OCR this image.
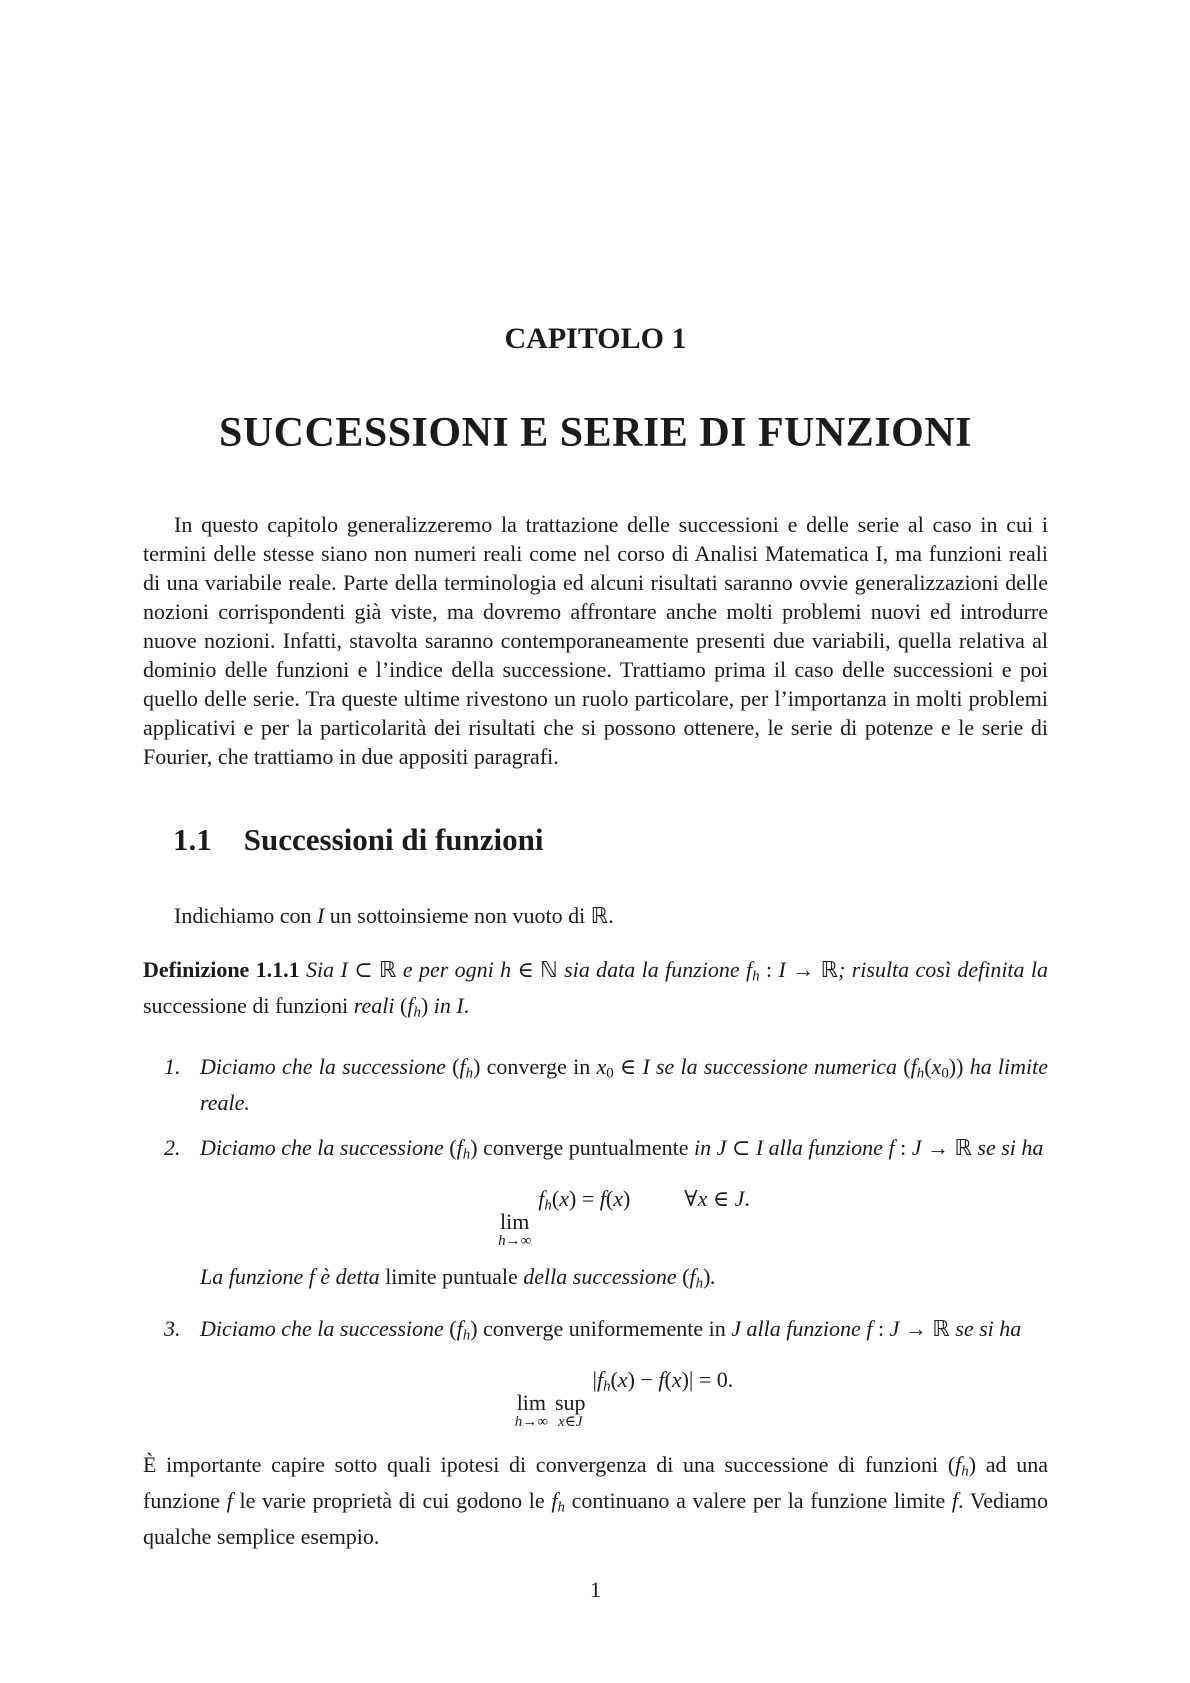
CAPITOLO 1
SUCCESSIONI E SERIE DI FUNZIONI

In questo capitolo generalizzeremo la trattazione delle successioni e delle serie al caso in cui i termini delle stesse siano non numeri reali come nel corso di Analisi Matematica I, ma funzioni reali di una variabile reale. Parte della terminologia ed alcuni risultati saranno ovvie generalizzazioni delle nozioni corrispondenti già viste, ma dovremo affrontare anche molti problemi nuovi ed introdurre nuove nozioni. Infatti, stavolta saranno contemporaneamente presenti due variabili, quella relativa al dominio delle funzioni e l’indice della successione. Trattiamo prima il caso delle successioni e poi quello delle serie. Tra queste ultime rivestono un ruolo particolare, per l’importanza in molti problemi applicativi e per la particolarità dei risultati che si possono ottenere, le serie di potenze e le serie di Fourier, che trattiamo in due appositi paragrafi.

1.1 Successioni di funzioni

Indichiamo con I un sottoinsieme non vuoto di ℝ.

Definizione 1.1.1 Sia I ⊂ ℝ e per ogni h ∈ ℕ sia data la funzione fh : I → ℝ; risulta così definita la successione di funzioni reali (fh) in I.

1. Diciamo che la successione (fh) converge in x0 ∈ I se la successione numerica (fh(x0)) ha limite reale.
2. Diciamo che la successione (fh) converge puntualmente in J ⊂ I alla funzione f : J → ℝ se si ha
lim
h→∞
fh(x) = f(x) ∀x ∈ J.
La funzione f è detta limite puntuale della successione (fh).
3. Diciamo che la successione (fh) converge uniformemente in J alla funzione f : J → ℝ se si ha
lim
h→∞
sup
x∈J
|fh(x) − f(x)| = 0.

È importante capire sotto quali ipotesi di convergenza di una successione di funzioni (fh) ad una funzione f le varie proprietà di cui godono le fh continuano a valere per la funzione limite f. Vediamo qualche semplice esempio.

1
